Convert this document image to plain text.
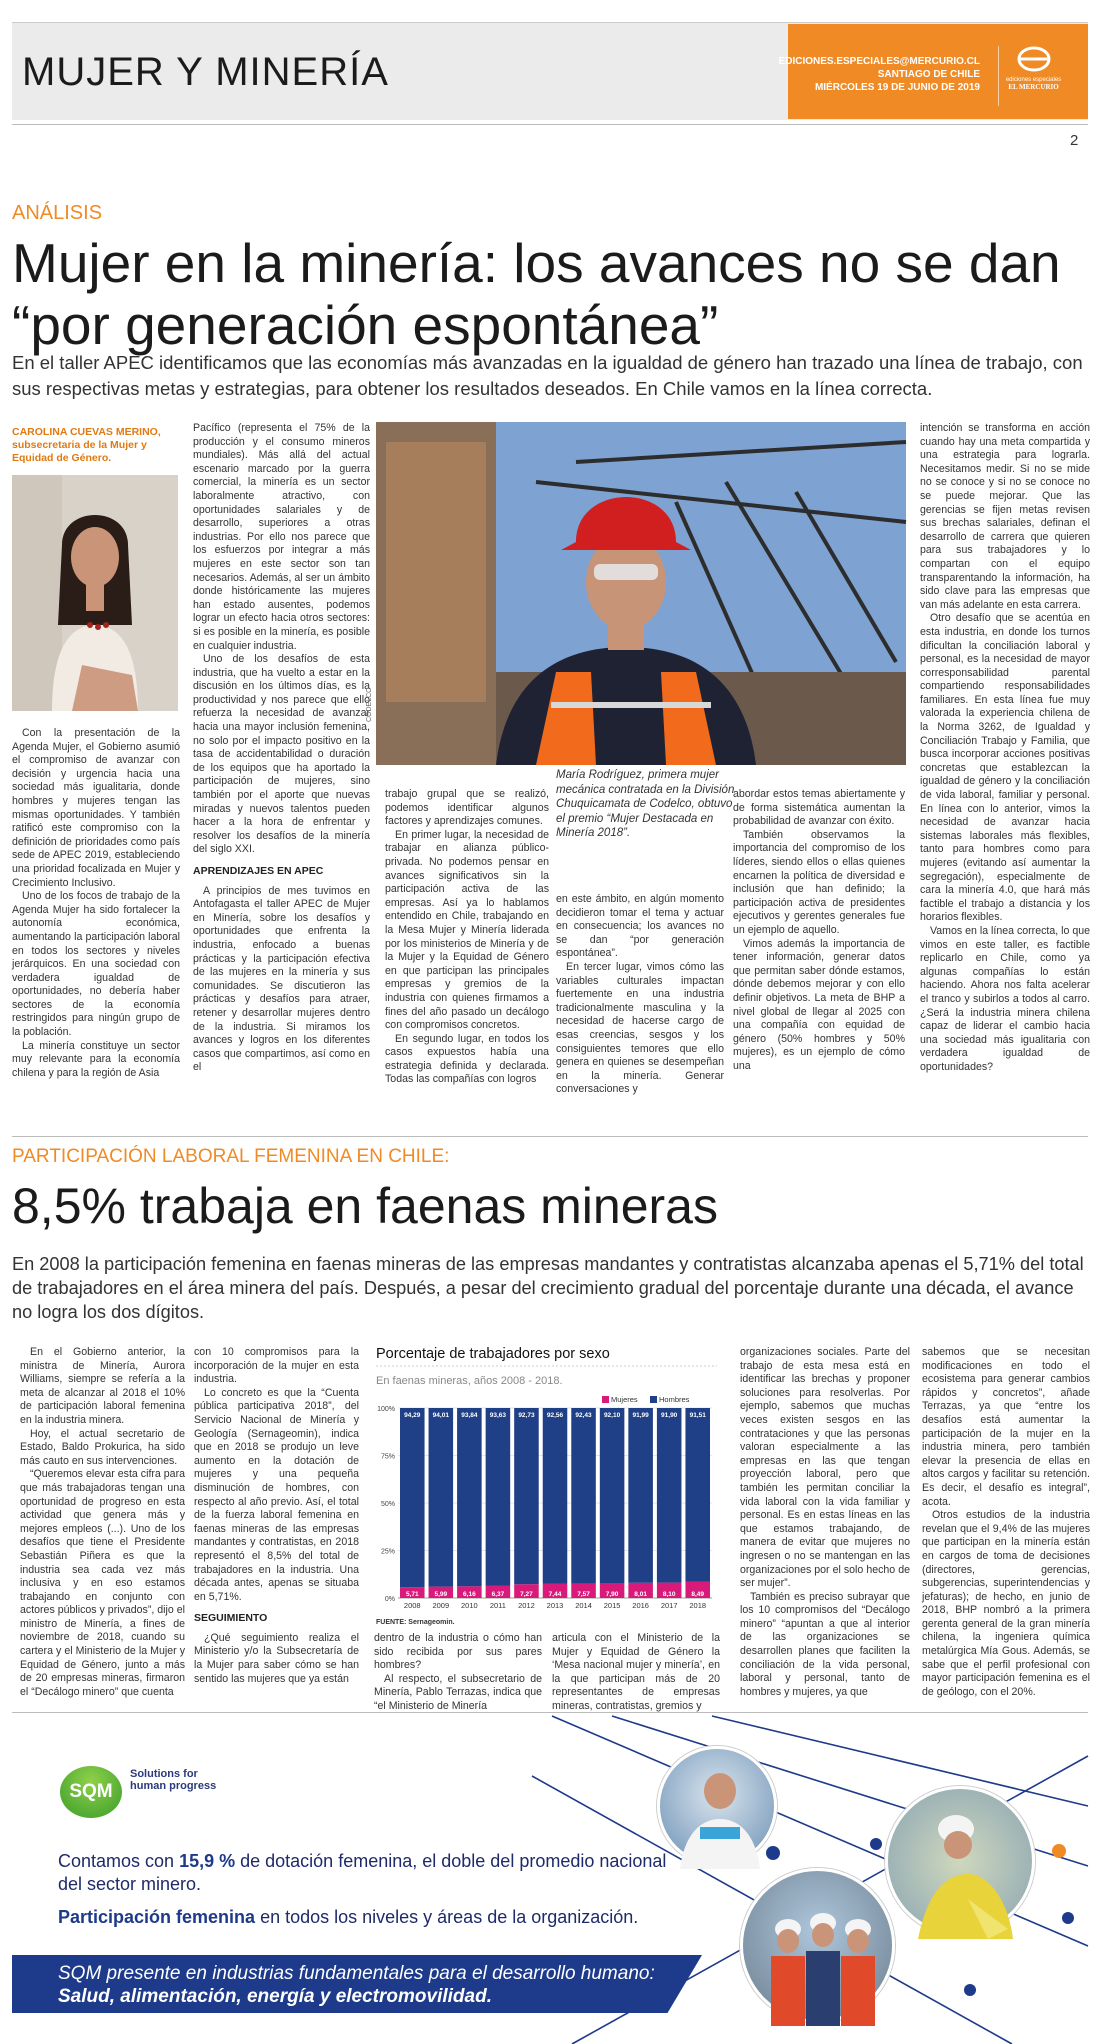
MUJER Y MINERÍA	EDICIONES.ESPECIALES@MERCURIO.CL
SANTIAGO DE CHILE
MIÉRCOLES 19 DE JUNIO DE 2019
ediciones especiales
EL MERCURIO
2
ANÁLISIS
Mujer en la minería: los avances no se dan “por generación espontánea”
En el taller APEC identificamos que las economías más avanzadas en la igualdad de género han trazado una línea de trabajo, con sus respectivas metas y estrategias, para obtener los resultados deseados. En Chile vamos en la línea correcta.
CAROLINA CUEVAS MERINO,
subsecretaria de la Mujer y Equidad de Género.

Con la presentación de la Agenda Mujer, el Gobierno asumió el compromiso de avanzar con decisión y urgencia hacia una sociedad más igualitaria, donde hombres y mujeres tengan las mismas oportunidades. Y también ratificó este compromiso con la definición de prioridades como país sede de APEC 2019, estableciendo una prioridad focalizada en Mujer y Crecimiento Inclusivo.

Uno de los focos de trabajo de la Agenda Mujer ha sido fortalecer la autonomía económica, aumentando la participación laboral en todos los sectores y niveles jerárquicos. En una sociedad con verdadera igualdad de oportunidades, no debería haber sectores de la economía restringidos para ningún grupo de la población.

La minería constituye un sector muy relevante para la economía chilena y para la región de Asia

Pacífico (representa el 75% de la producción y el consumo mineros mundiales). Más allá del actual escenario marcado por la guerra comercial, la minería es un sector laboralmente atractivo, con oportunidades salariales y de desarrollo, superiores a otras industrias. Por ello nos parece que los esfuerzos por integrar a más mujeres en este sector son tan necesarios. Además, al ser un ámbito donde históricamente las mujeres han estado ausentes, podemos lograr un efecto hacia otros sectores: si es posible en la minería, es posible en cualquier industria.

Uno de los desafíos de esta industria, que ha vuelto a estar en la discusión en los últimos días, es la productividad y nos parece que ello refuerza la necesidad de avanzar hacia una mayor inclusión femenina, no solo por el impacto positivo en la tasa de accidentabilidad o duración de los equipos que ha aportado la participación de mujeres, sino también por el aporte que nuevas miradas y nuevos talentos pueden hacer a la hora de enfrentar y resolver los desafíos de la minería del siglo XXI.

APRENDIZAJES EN APEC

A principios de mes tuvimos en Antofagasta el taller APEC de Mujer en Minería, sobre los desafíos y oportunidades que enfrenta la industria, enfocado a buenas prácticas y la participación efectiva de las mujeres en la minería y sus comunidades. Se discutieron las prácticas y desafíos para atraer, retener y desarrollar mujeres dentro de la industria. Si miramos los avances y logros en los diferentes casos que compartimos, así como en el

CODELCO
María Rodríguez, primera mujer mecánica contratada en la División Chuquicamata de Codelco, obtuvo el premio “Mujer Destacada en Minería 2018”.

trabajo grupal que se realizó, podemos identificar algunos factores y aprendizajes comunes.

En primer lugar, la necesidad de trabajar en alianza público-privada. No podemos pensar en avances significativos sin la participación activa de las empresas. Así ya lo hablamos entendido en Chile, trabajando en la Mesa Mujer y Minería liderada por los ministerios de Minería y de la Mujer y la Equidad de Género en que participan las principales empresas y gremios de la industria con quienes firmamos a fines del año pasado un decálogo con compromisos concretos.

En segundo lugar, en todos los casos expuestos había una estrategia definida y declarada. Todas las compañías con logros

en este ámbito, en algún momento decidieron tomar el tema y actuar en consecuencia; los avances no se dan “por generación espontánea”.

En tercer lugar, vimos cómo las variables culturales impactan fuertemente en una industria tradicionalmente masculina y la necesidad de hacerse cargo de esas creencias, sesgos y los consiguientes temores que ello genera en quienes se desempeñan en la minería. Generar conversaciones y

abordar estos temas abiertamente y de forma sistemática aumentan la probabilidad de avanzar con éxito.

También observamos la importancia del compromiso de los líderes, siendo ellos o ellas quienes encarnen la política de diversidad e inclusión que han definido; la participación activa de presidentes ejecutivos y gerentes generales fue un ejemplo de aquello.

Vimos además la importancia de tener información, generar datos que permitan saber dónde estamos, dónde debemos mejorar y con ello definir objetivos. La meta de BHP a nivel global de llegar al 2025 con una compañía con equidad de género (50% hombres y 50% mujeres), es un ejemplo de cómo una

intención se transforma en acción cuando hay una meta compartida y una estrategia para lograrla. Necesitamos medir. Si no se mide no se conoce y si no se conoce no se puede mejorar. Que las gerencias se fijen metas revisen sus brechas salariales, definan el desarrollo de carrera que quieren para sus trabajadores y lo compartan con el equipo transparentando la información, ha sido clave para las empresas que van más adelante en esta carrera.

Otro desafío que se acentúa en esta industria, en donde los turnos dificultan la conciliación laboral y personal, es la necesidad de mayor corresponsabilidad parental compartiendo responsabilidades familiares. En esta línea fue muy valorada la experiencia chilena de la Norma 3262, de Igualdad y Conciliación Trabajo y Familia, que busca incorporar acciones positivas concretas que establezcan la igualdad de género y la conciliación de vida laboral, familiar y personal. En línea con lo anterior, vimos la necesidad de avanzar hacia sistemas laborales más flexibles, tanto para hombres como para mujeres (evitando así aumentar la segregación), especialmente de cara la minería 4.0, que hará más factible el trabajo a distancia y los horarios flexibles.

Vamos en la línea correcta, lo que vimos en este taller, es factible replicarlo en Chile, como ya algunas compañías lo están haciendo. Ahora nos falta acelerar el tranco y subirlos a todos al carro. ¿Será la industria minera chilena capaz de liderar el cambio hacia una sociedad más igualitaria con verdadera igualdad de oportunidades?

PARTICIPACIÓN LABORAL FEMENINA EN CHILE:
8,5% trabaja en faenas mineras
En 2008 la participación femenina en faenas mineras de las empresas mandantes y contratistas alcanzaba apenas el 5,71% del total de trabajadores en el área minera del país. Después, a pesar del crecimiento gradual del porcentaje durante una década, el avance no logra los dos dígitos.

En el Gobierno anterior, la ministra de Minería, Aurora Williams, siempre se refería a la meta de alcanzar al 2018 el 10% de participación laboral femenina en la industria minera.

Hoy, el actual secretario de Estado, Baldo Prokurica, ha sido más cauto en sus intervenciones.

“Queremos elevar esta cifra para que más trabajadoras tengan una oportunidad de progreso en esta actividad que genera más y mejores empleos (...). Uno de los desafíos que tiene el Presidente Sebastián Piñera es que la industria sea cada vez más inclusiva y en eso estamos trabajando en conjunto con actores públicos y privados”, dijo el ministro de Minería, a fines de noviembre de 2018, cuando su cartera y el Ministerio de la Mujer y Equidad de Género, junto a más de 20 empresas mineras, firmaron el “Decálogo minero” que cuenta

con 10 compromisos para la incorporación de la mujer en esta industria.

Lo concreto es que la “Cuenta pública participativa 2018”, del Servicio Nacional de Minería y Geología (Sernageomin), indica que en 2018 se produjo un leve aumento en la dotación de mujeres y una pequeña disminución de hombres, con respecto al año previo. Así, el total de la fuerza laboral femenina en faenas mineras de las empresas mandantes y contratistas, en 2018 representó el 8,5% del total de trabajadores en la industria. Una década antes, apenas se situaba en 5,71%.

SEGUIMIENTO

¿Qué seguimiento realiza el Ministerio y/o la Subsecretaría de la Mujer para saber cómo se han sentido las mujeres que ya están

Porcentaje de trabajadores por sexo
En faenas mineras, años 2008 - 2018.
Mujeres	Hombres
0%
25%
50%
75%
100%
94,29
5,71
2008
94,01
5,99
2009
93,84
6,16
2010
93,63
6,37
2011
92,73
7,27
2012
92,56
7,44
2013
92,43
7,57
2014
92,10
7,90
2015
91,99
8,01
2016
91,90
8,10
2017
91,51
8,49
2018
FUENTE: Sernageomin.

dentro de la industria o cómo han sido recibida por sus pares hombres?

Al respecto, el subsecretario de Minería, Pablo Terrazas, indica que “el Ministerio de Minería

articula con el Ministerio de la Mujer y Equidad de Género la ‘Mesa nacional mujer y minería’, en la que participan más de 20 representantes de empresas mineras, contratistas, gremios y

organizaciones sociales. Parte del trabajo de esta mesa está en identificar las brechas y proponer soluciones para resolverlas. Por ejemplo, sabemos que muchas veces existen sesgos en las contrataciones y que las personas valoran especialmente a las empresas en las que tengan proyección laboral, pero que también les permitan conciliar la vida laboral con la vida familiar y personal. Es en estas líneas en las que estamos trabajando, de manera de evitar que mujeres no ingresen o no se mantengan en las organizaciones por el solo hecho de ser mujer”.

También es preciso subrayar que los 10 compromisos del “Decálogo minero” “apuntan a que al interior de las organizaciones se desarrollen planes que faciliten la conciliación de la vida personal, laboral y personal, tanto de hombres y mujeres, ya que

sabemos que se necesitan modificaciones en todo el ecosistema para generar cambios rápidos y concretos”, añade Terrazas, ya que “entre los desafíos está aumentar la participación de la mujer en la industria minera, pero también elevar la presencia de ellas en altos cargos y facilitar su retención. Es decir, el desafío es integral”, acota.

Otros estudios de la industria revelan que el 9,4% de las mujeres que participan en la minería están en cargos de toma de decisiones (directores, gerencias, subgerencias, superintendencias y jefaturas); de hecho, en junio de 2018, BHP nombró a la primera gerenta general de la gran minería chilena, la ingeniera química metalúrgica Mía Gous. Además, se sabe que el perfil profesional con mayor participación femenina es el de geólogo, con el 20%.

SQM
Solutions for human progress
Contamos con 15,9 % de dotación femenina, el doble del promedio nacional del sector minero.
Participación femenina en todos los niveles y áreas de la organización.
SQM presente en industrias fundamentales para el desarrollo humano: Salud, alimentación, energía y electromovilidad.
